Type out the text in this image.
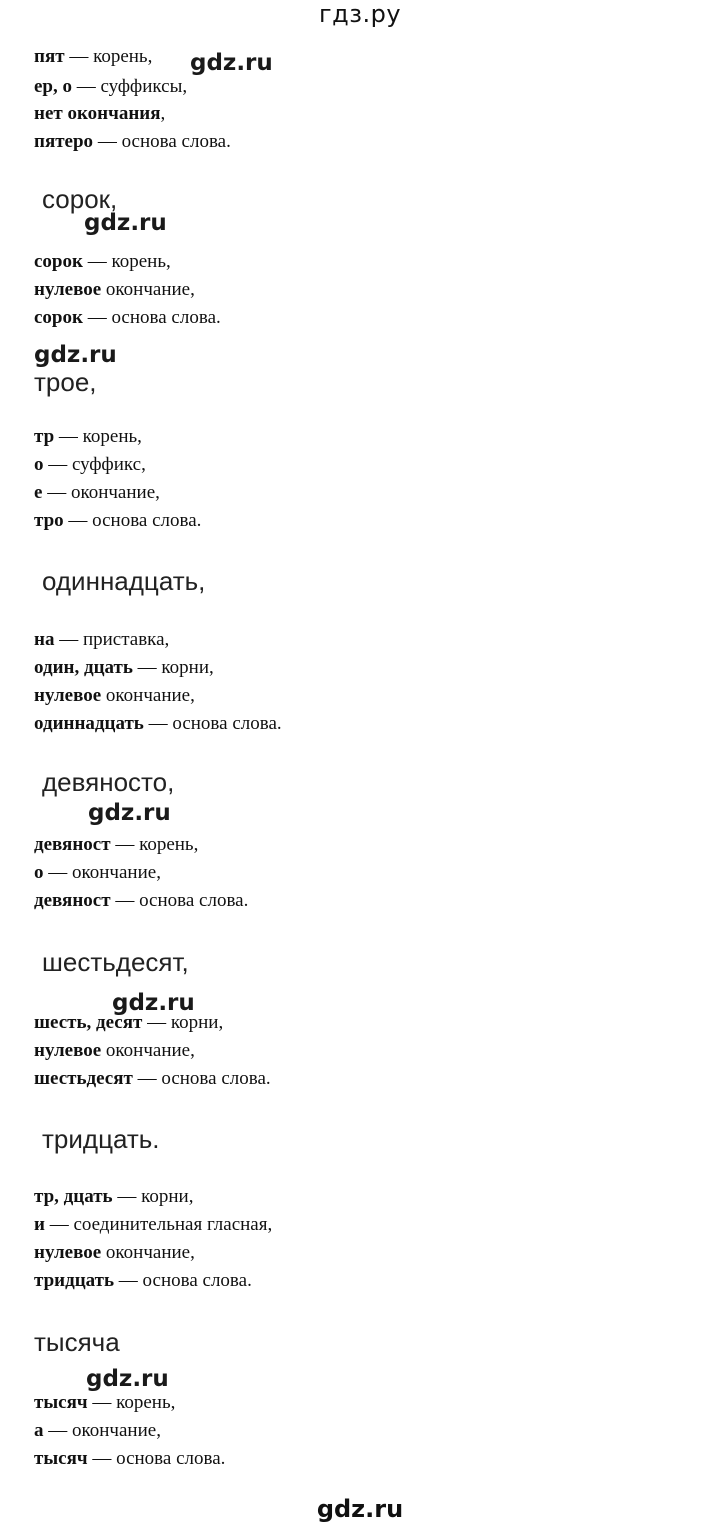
гдз.ру
пят — корень,
ер, о — суффиксы,
нет окончания,
пятеро — основа слова.
сорок,
сорок — корень,
нулевое окончание,
сорок — основа слова.
трое,
тр — корень,
о — суффикс,
е — окончание,
тро — основа слова.
одиннадцать,
на — приставка,
один, дцать — корни,
нулевое окончание,
одиннадцать — основа слова.
девяносто,
девяност — корень,
о — окончание,
девяност — основа слова.
шестьдесят,
шесть, десят — корни,
нулевое окончание,
шестьдесят — основа слова.
тридцать.
тр, дцать — корни,
и — соединительная гласная,
нулевое окончание,
тридцать — основа слова.
тысяча
тысяч — корень,
а — окончание,
тысяч — основа слова.
gdz.ru
gdz.ru
gdz.ru
gdz.ru
gdz.ru
gdz.ru
gdz.ru
